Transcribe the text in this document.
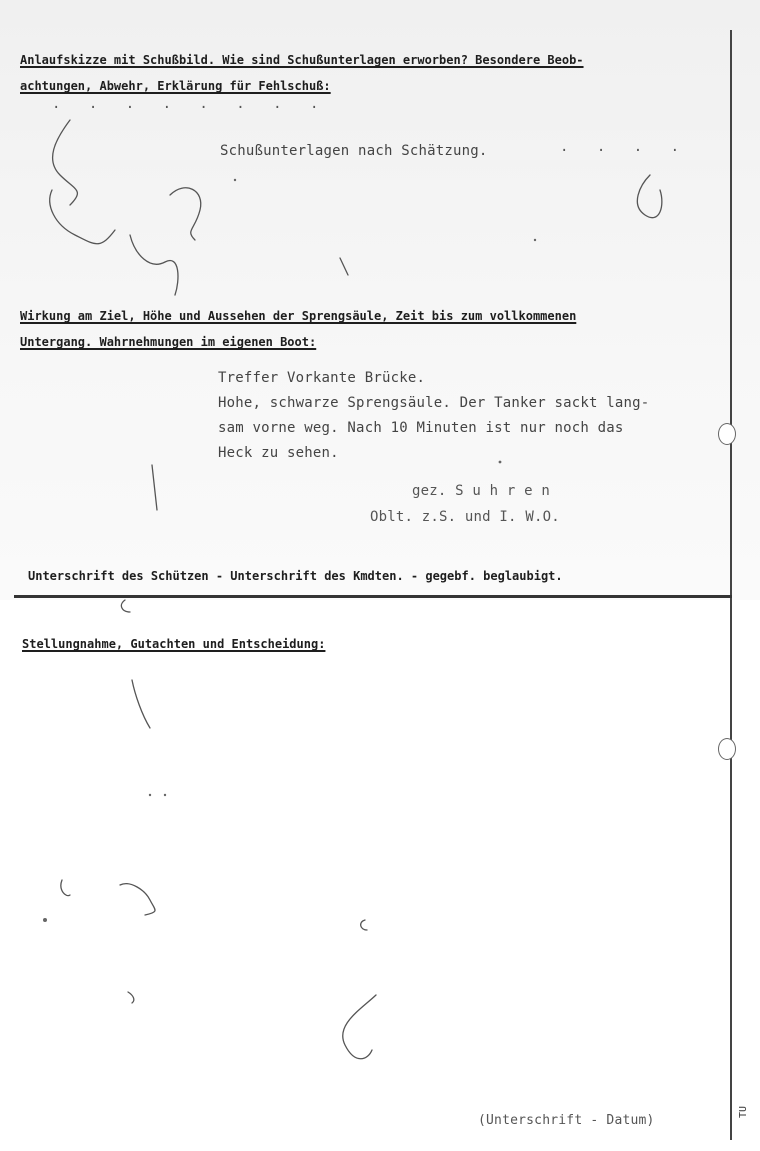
Anlaufskizze mit Schußbild. Wie sind Schußunterlagen erworben? Besondere Beob-
achtungen, Abwehr, Erklärung für Fehlschuß:
. . . . . . . .
Schußunterlagen nach Schätzung.	. . . .
Wirkung am Ziel, Höhe und Aussehen der Sprengsäule, Zeit bis zum vollkommenen
Untergang. Wahrnehmungen im eigenen Boot:
Treffer Vorkante Brücke.
Hohe, schwarze Sprengsäule. Der Tanker sackt lang-
sam vorne weg. Nach 10 Minuten ist nur noch das
Heck zu sehen.
gez. S u h r e n
Oblt. z.S. und I. W.O.
Unterschrift des Schützen - Unterschrift des Kmdten. - gegebf. beglaubigt.
Stellungnahme, Gutachten und Entscheidung:
(Unterschrift - Datum)
TU
